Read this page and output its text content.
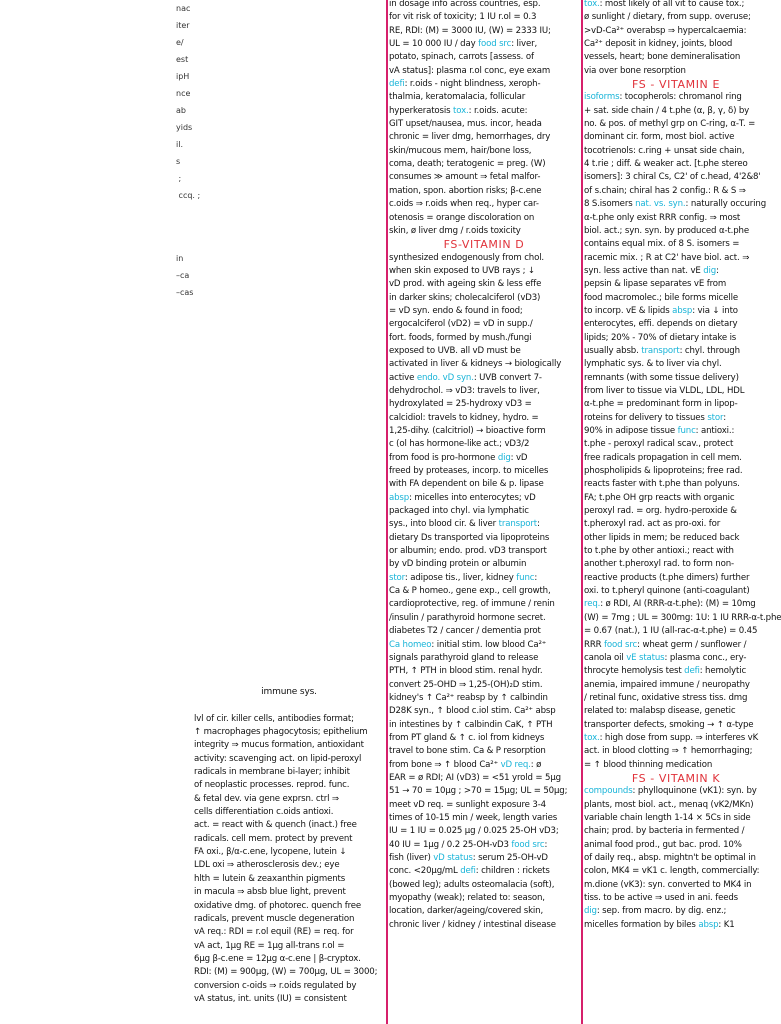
nac
iter
e/
est
ipH
nce
ab
yids
il.
s
;
ccq. ;
in
–ca
–cas
immune sys.

lvl of cir. killer cells, antibodies format;
↑ macrophages phagocytosis; epithelium
integrity ⇒ mucus formation, antioxidant
activity: scavenging act. on lipid-peroxyl
radicals in membrane bi-layer; inhibit
of neoplastic processes. reprod. func.
& fetal dev. via gene exprsn. ctrl ⇒
cells differentiation c.oids antioxi.
act. = react with & quench (inact.) free
radicals. cell mem. protect by prevent
FA oxi., β/α-c.ene, lycopene, lutein ↓
LDL oxi ⇒ atherosclerosis dev.; eye
hlth = lutein & zeaxanthin pigments
in macula ⇒ absb blue light, prevent
oxidative dmg. of photorec. quench free
radicals, prevent muscle degeneration
vA req.: RDI = r.ol equil (RE) = req. for
vA act, 1μg RE = 1μg all-trans r.ol =
6μg β-c.ene = 12μg α-c.ene | β-cryptox.
RDI: (M) = 900μg, (W) = 700μg, UL = 3000;
conversion c-oids ⇒ r.oids regulated by
vA status, int. units (IU) = consistent
in dosage info across countries, esp.
for vit risk of toxicity; 1 IU r.ol = 0.3
RE, RDI: (M) = 3000 IU, (W) = 2333 IU;
UL = 10 000 IU / day food src: liver,
potato, spinach, carrots [assess. of
vA status]: plasma r.ol conc, eye exam
defi: r.oids - night blindness, xeroph-
thalmia, keratomalacia, follicular
hyperkeratosis tox.: r.oids. acute:
GIT upset/nausea, mus. incor, heada
chronic = liver dmg, hemorrhages, dry
skin/mucous mem, hair/bone loss,
coma, death; teratogenic = preg. (W)
consumes ≫ amount ⇒ fetal malfor-
mation, spon. abortion risks; β-c.ene
c.oids ⇒ r.oids when req., hyper car-
otenosis = orange discoloration on
skin, ø liver dmg / r.oids toxicity
FS-VITAMIN D
synthesized endogenously from chol.
when skin exposed to UVB rays ; ↓
vD prod. with ageing skin & less effe
in darker skins; cholecalciferol (vD3)
= vD syn. endo & found in food;
ergocalciferol (vD2) = vD in supp./
fort. foods, formed by mush./fungi
exposed to UVB. all vD must be
activated in liver & kidneys → biologically
active endo. vD syn.: UVB convert 7-
dehydrochol. ⇒ vD3: travels to liver,
hydroxylated = 25-hydroxy vD3 =
calcidiol: travels to kidney, hydro. =
1,25-dihy. (calcitriol) → bioactive form
c (ol has hormone-like act.; vD3/2
from food is pro-hormone dig: vD
freed by proteases, incorp. to micelles
with FA dependent on bile & p. lipase
absp: micelles into enterocytes; vD
packaged into chyl. via lymphatic
sys., into blood cir. & liver transport:
dietary Ds transported via lipoproteins
or albumin; endo. prod. vD3 transport
by vD binding protein or albumin
stor: adipose tis., liver, kidney func:
Ca & P homeo., gene exp., cell growth,
cardioprotective, reg. of immune / renin
/insulin / parathyroid hormone secret.
diabetes T2 / cancer / dementia prot
Ca homeo: initial stim. low blood Ca²⁺
signals parathyroid gland to release
PTH, ↑ PTH in blood stim. renal hydr.
convert 25-OHD ⇒ 1,25-(OH)₂D stim.
kidney's ↑ Ca²⁺ reabsp by ↑ calbindin
D28K syn., ↑ blood c.iol stim. Ca²⁺ absp
in intestines by ↑ calbindin CaK, ↑ PTH
from PT gland & ↑ c. iol from kidneys
travel to bone stim. Ca & P resorption
from bone ⇒ ↑ blood Ca²⁺ vD req.: ø
EAR = ø RDI; AI (vD3) = <51 yrold = 5μg
51 → 70 = 10μg ; >70 = 15μg; UL = 50μg;
meet vD req. = sunlight exposure 3-4
times of 10-15 min / week, length varies
IU = 1 IU = 0.025 μg / 0.025 25-OH vD3;
40 IU = 1μg / 0.2 25-OH-vD3 food src:
fish (liver) vD status: serum 25-OH-vD
conc. <20μg/mL defi: children : rickets
(bowed leg); adults osteomalacia (soft),
myopathy (weak); related to: season,
location, darker/ageing/covered skin,
chronic liver / kidney / intestinal disease
tox.: most likely of all vit to cause tox.;
ø sunlight / dietary, from supp. overuse;
>vD-Ca²⁺ overabsp ⇒ hypercalcaemia:
Ca²⁺ deposit in kidney, joints, blood
vessels, heart; bone demineralisation
via over bone resorption
FS - VITAMIN E
isoforms: tocopherols: chromanol ring
+ sat. side chain / 4 t.phe (α, β, γ, δ) by
no. & pos. of methyl grp on C-ring, α-T. =
dominant cir. form, most biol. active
tocotrienols: c.ring + unsat side chain,
4 t.rie ; diff. & weaker act. [t.phe stereo
isomers]: 3 chiral Cs, C2' of c.head, 4'2&8'
of s.chain; chiral has 2 config.: R & S ⇒
8 S.isomers nat. vs. syn.: naturally occuring
α-t.phe only exist RRR config. ⇒ most
biol. act.; syn. syn. by produced α-t.phe
contains equal mix. of 8 S. isomers =
racemic mix. ; R at C2' have biol. act. ⇒
syn. less active than nat. vE dig:
pepsin & lipase separates vE from
food macromolec.; bile forms micelle
to incorp. vE & lipids absp: via ↓ into
enterocytes, effi. depends on dietary
lipids; 20% - 70% of dietary intake is
usually absb. transport: chyl. through
lymphatic sys. & to liver via chyl.
remnants (with some tissue delivery)
from liver to tissue via VLDL, LDL, HDL
α-t.phe = predominant form in lipop-
roteins for delivery to tissues stor:
90% in adipose tissue func: antioxi.:
t.phe - peroxyl radical scav., protect
free radicals propagation in cell mem.
phospholipids & lipoproteins; free rad.
reacts faster with t.phe than polyuns.
FA; t.phe OH grp reacts with organic
peroxyl rad. = org. hydro-peroxide &
t.pheroxyl rad. act as pro-oxi. for
other lipids in mem; be reduced back
to t.phe by other antioxi.; react with
another t.pheroxyl rad. to form non-
reactive products (t.phe dimers) further
oxi. to t.pheryl quinone (anti-coagulant)
req.: ø RDI, AI (RRR-α-t.phe): (M) = 10mg
(W) = 7mg ; UL = 300mg: 1U: 1 IU RRR-α-t.phe
= 0.67 (nat.), 1 IU (all-rac-α-t.phe) = 0.45
RRR food src: wheat germ / sunflower /
canola oil vE status: plasma conc., ery-
throcyte hemolysis test defi: hemolytic
anemia, impaired immune / neuropathy
/ retinal func, oxidative stress tiss. dmg
related to: malabsp disease, genetic
transporter defects, smoking → ↑ α-type
tox.: high dose from supp. ⇒ interferes vK
act. in blood clotting ⇒ ↑ hemorrhaging;
= ↑ blood thinning medication
FS - VITAMIN K
compounds: phylloquinone (vK1): syn. by
plants, most biol. act., menaq (vK2/MKn)
variable chain length 1-14 × 5Cs in side
chain; prod. by bacteria in fermented /
animal food prod., gut bac. prod. 10%
of daily req., absp. mightn't be optimal in
colon, MK4 = vK1 c. length, commercially:
m.dione (vK3): syn. converted to MK4 in
tiss. to be active ⇒ used in ani. feeds
dig: sep. from macro. by dig. enz.;
micelles formation by biles absp: K1
